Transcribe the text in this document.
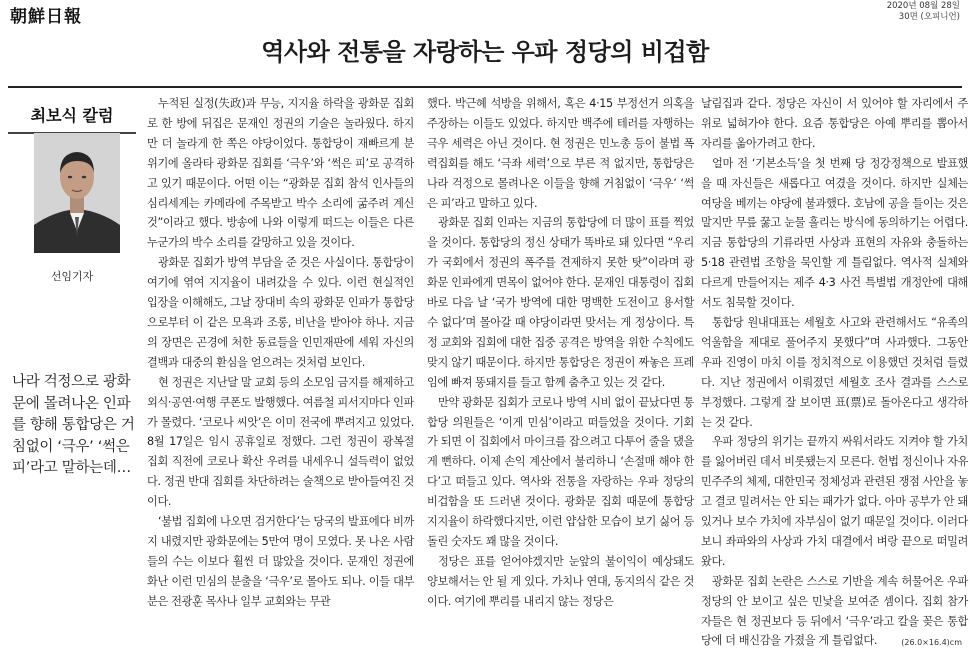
朝鮮日報
2020년 08월 28일
30면 (오피니언)
역사와 전통을 자랑하는 우파 정당의 비겁함
최보식 칼럼
선임기자
나라 걱정으로 광화문에 몰려나온 인파를 향해 통합당은 거침없이 ‘극우’ ‘썩은 피’라고 말하는데…

누적된 실정(失政)과 무능, 지지율 하락을 광화문 집회로 한 방에 뒤집은 문재인 정권의 기술은 놀라웠다. 하지만 더 놀라게 한 쪽은 야당이었다. 통합당이 재빠르게 분위기에 올라타 광화문 집회를 ‘극우’와 ‘썩은 피’로 공격하고 있기 때문이다. 어떤 이는 “광화문 집회 참석 인사들의 심리세계는 카메라에 주목받고 박수 소리에 굶주려 계신 것”이라고 했다. 방송에 나와 이렇게 떠드는 이들은 다른 누군가의 박수 소리를 갈망하고 있을 것이다.

광화문 집회가 방역 부담을 준 것은 사실이다. 통합당이 여기에 엮여 지지율이 내려갔을 수 있다. 이런 현실적인 입장을 이해해도, 그날 장대비 속의 광화문 인파가 통합당으로부터 이 같은 모욕과 조롱, 비난을 받아야 하나. 지금의 장면은 곤경에 처한 동료들을 인민재판에 세워 자신의 결백과 대중의 환심을 얻으려는 것처럼 보인다.

현 정권은 지난달 말 교회 등의 소모임 금지를 해제하고 외식·공연·여행 쿠폰도 발행했다. 여름철 피서지마다 인파가 몰렸다. ‘코로나 씨앗’은 이미 전국에 뿌려지고 있었다. 8월 17일은 임시 공휴일로 정했다. 그런 정권이 광복절 집회 직전에 코로나 확산 우려를 내세우니 설득력이 없었다. 정권 반대 집회를 차단하려는 술책으로 받아들여진 것이다.

‘불법 집회에 나오면 검거한다’는 당국의 발표에다 비까지 내렸지만 광화문에는 5만여 명이 모였다. 못 나온 사람들의 수는 이보다 훨씬 더 많았을 것이다. 문재인 정권에 화난 이런 민심의 분출을 ‘극우’로 몰아도 되나. 이들 대부분은 전광훈 목사나 일부 교회와는 무관

했다. 박근혜 석방을 위해서, 혹은 4·15 부정선거 의혹을 주장하는 이들도 있었다. 하지만 백주에 테러를 자행하는 극우 세력은 아닌 것이다. 현 정권은 민노총 등이 불법 폭력집회를 해도 ‘극좌 세력’으로 부른 적 없지만, 통합당은 나라 걱정으로 몰려나온 이들을 향해 거침없이 ‘극우’ ‘썩은 피’라고 말하고 있다.

광화문 집회 인파는 지금의 통합당에 더 많이 표를 찍었을 것이다. 통합당의 정신 상태가 똑바로 돼 있다면 “우리가 국회에서 정권의 폭주를 견제하지 못한 탓”이라며 광화문 인파에게 면목이 없어야 한다. 문재인 대통령이 집회 바로 다음 날 ‘국가 방역에 대한 명백한 도전이고 용서할 수 없다’며 몰아갈 때 야당이라면 맞서는 게 정상이다. 특정 교회와 집회에 대한 집중 공격은 방역을 위한 수칙에도 맞지 않기 때문이다. 하지만 통합당은 정권이 짜놓은 프레임에 빠져 똥돼지를 들고 함께 춤추고 있는 것 같다.

만약 광화문 집회가 코로나 방역 시비 없이 끝났다면 통합당 의원들은 ‘이게 민심’이라고 떠들었을 것이다. 기회가 되면 이 집회에서 마이크를 잡으려고 다투어 줄을 댔을 게 뻔하다. 이제 손익 계산에서 불리하니 ‘손절매 해야 한다’고 떠들고 있다. 역사와 전통을 자랑하는 우파 정당의 비겁함을 또 드러낸 것이다. 광화문 집회 때문에 통합당 지지율이 하락했다지만, 이런 얍삽한 모습이 보기 싫어 등 돌린 숫자도 꽤 많을 것이다.

정당은 표를 얻어야겠지만 눈앞의 불이익이 예상돼도 양보해서는 안 될 게 있다. 가치나 연대, 동지의식 같은 것이다. 여기에 뿌리를 내리지 않는 정당은

날림집과 같다. 정당은 자신이 서 있어야 할 자리에서 주위로 넓혀가야 한다. 요즘 통합당은 아예 뿌리를 뽑아서 자리를 옮아가려고 한다.

얼마 전 ‘기본소득’을 첫 번째 당 정강정책으로 발표했을 때 자신들은 새롭다고 여겼을 것이다. 하지만 실체는 여당을 베끼는 야당에 불과했다. 호남에 공을 들이는 것은 말지만 무릎 꿇고 눈물 흘리는 방식에 동의하기는 어렵다. 지금 통합당의 기류라면 사상과 표현의 자유와 충돌하는 5·18 관련법 조항을 묵인할 게 틀림없다. 역사적 실체와 다르게 만들어지는 제주 4·3 사건 특별법 개정안에 대해서도 침묵할 것이다.

통합당 원내대표는 세월호 사고와 관련해서도 “유족의 억울함을 제대로 풀어주지 못했다”며 사과했다. 그동안 우파 진영이 마치 이를 정치적으로 이용했던 것처럼 들렸다. 지난 정권에서 이뤄졌던 세월호 조사 결과를 스스로 부정했다. 그렇게 잘 보이면 표(票)로 돌아온다고 생각하는 것 같다.

우파 정당의 위기는 끝까지 싸워서라도 지켜야 할 가치를 잃어버린 데서 비롯됐는지 모른다. 헌법 정신이나 자유민주주의 체제, 대한민국 정체성과 관련된 쟁점 사안을 놓고 결코 밀려서는 안 되는 패가가 없다. 아마 공부가 안 돼 있거나 보수 가치에 자부심이 없기 때문일 것이다. 이러다 보니 좌파와의 사상과 가치 대결에서 벼랑 끝으로 떠밀려왔다.

광화문 집회 논란은 스스로 기반을 계속 허물어온 우파 정당의 안 보이고 싶은 민낯을 보여준 셈이다. 집회 참가자들은 현 정권보다 등 뒤에서 ‘극우’라고 칼을 꽂은 통합당에 더 배신감을 가졌을 게 틀림없다.	(26.0×16.4)cm
